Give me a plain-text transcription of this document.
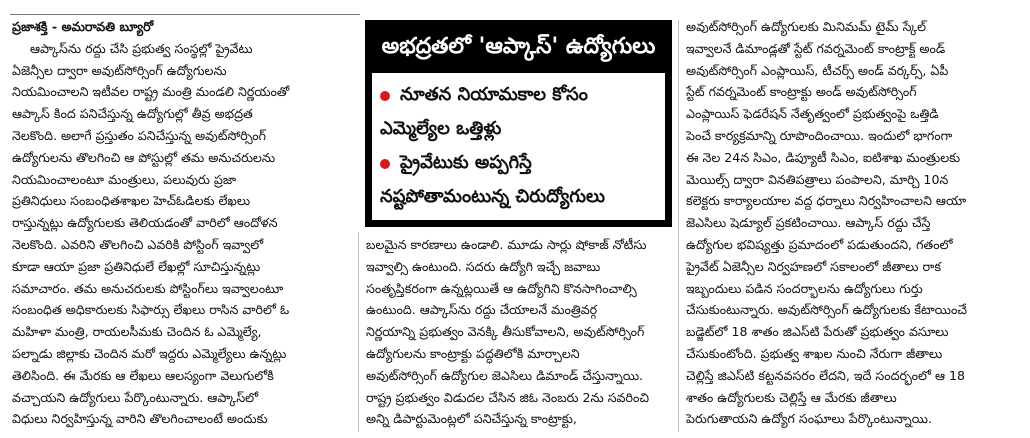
ప్రజాశక్తి - అమరావతి బ్యూరో
ఆప్కాస్‌ను రద్దు చేసి ప్రభుత్వ సంస్థల్లో ప్రైవేటు
ఏజెన్సీల ద్వారా అవుట్‌సోర్సింగ్‌ ఉద్యోగులను
నియమించాలని ఇటీవల రాష్ట్ర మంత్రి మండలి నిర్ణయంతో
ఆప్కాస్‌ కింద పనిచేస్తున్న ఉద్యోగుల్లో తీవ్ర అభద్రత
నెలకొంది. అలాగే ప్రస్తుతం పనిచేస్తున్న అవుట్‌సోర్సింగ్‌
ఉద్యోగులను తొలగించి ఆ పోస్టుల్లో తమ అనుచరులను
నియమించాలంటూ మంత్రులు, పలువురు ప్రజా
ప్రతినిధులు సంబంధితశాఖల హెచ్‌ఓడిలకు లేఖలు
రాస్తున్నట్లు ఉద్యోగులకు తెలియడంతో వారిలో ఆందోళన
నెలకొంది. ఎవరిని తొలగించి ఎవరికి పోస్టింగ్‌ ఇవ్వాలో
కూడా ఆయా ప్రజా ప్రతినిధులే లేఖల్లో సూచిస్తున్నట్లు
సమాచారం. తమ అనుచరులకు పోస్టింగ్‌లు ఇవ్వాలంటూ
సంబంధిత అధికారులకు సిఫార్సు లేఖలు రాసిన వారిలో ఓ
మహిళా మంత్రి, రాయలసీమకు చెందిన ఓ ఎమ్మెల్యే,
పల్నాడు జిల్లాకు చెందిన మరో ఇద్దరు ఎమ్మెల్యేలు ఉన్నట్లు
తెలిసింది. ఈ మేరకు ఆ లేఖలు ఆలస్యంగా వెలుగులోకి
వచ్చాయని ఉద్యోగులు పేర్కొంటున్నారు. ఆప్కాస్‌లో
విధులు నిర్వహిస్తున్న వారిని తొలగించాలంటే అందుకు
అభద్రతలో 'ఆప్కాస్‌' ఉద్యోగులు
నూతన నియామకాల కోసం
ఎమ్మెల్యేల ఒత్తిళ్లు
ప్రైవేటుకు అప్పగిస్తే
నష్టపోతామంటున్న చిరుద్యోగులు
బలమైన కారణాలు ఉండాలి. మూడు సార్లు షోకాజ్‌ నోటీసు
ఇవ్వాల్సి ఉంటుంది. సదరు ఉద్యోగి ఇచ్చే జవాబు
సంతృప్తికరంగా ఉన్నట్లయితే ఆ ఉద్యోగిని కొనసాగించాల్సి
ఉంటుంది. ఆప్కాస్‌ను రద్దు చేయాలనే మంత్రివర్గ
నిర్ణయాన్ని ప్రభుత్వం వెనక్కి తీసుకోవాలని, అవుట్‌సోర్సింగ్‌
ఉద్యోగులను కాంట్రాక్టు పద్ధతిలోకి మార్చాలని
అవుట్‌సోర్సింగ్‌ ఉద్యోగుల జెఎసిలు డిమాండ్‌ చేస్తున్నాయి.
రాష్ట్ర ప్రభుత్వం విడుదల చేసిన జిఓ నెంబరు 2ను సవరించి
అన్ని డిపార్టుమెంట్లలో పనిచేస్తున్న కాంట్రాక్టు,
అవుట్‌సోర్సింగ్‌ ఉద్యోగులకు మినిమమ్‌ టైమ్‌ స్కేల్‌
ఇవ్వాలనే డిమాండ్లతో స్టేట్‌ గవర్నమెంట్‌ కాంట్రాక్ట్‌ అండ్‌
అవుట్‌సోర్సింగ్‌ ఎంప్లాయిస్‌, టీచర్స్‌ అండ్‌ వర్కర్స్‌, ఏపీ
స్టేట్‌ గవర్నమెంట్‌ కాంట్రాక్టు అండ్‌ అవుట్‌సోర్సింగ్‌
ఎంప్లాయిస్‌ ఫెడరేషన్‌ నేతృత్వంలో ప్రభుత్వంపై ఒత్తిడి
పెంచే కార్యక్రమాన్ని రూపొందించాయి. ఇందులో భాగంగా
ఈ నెల 24న సిఎం, డిప్యూటీ సిఎం, ఐటిశాఖ మంత్రులకు
మెయిల్స్‌ ద్వారా వినతిపత్రాలు పంపాలని, మార్చి 10న
కలెక్టరు కార్యాలయాల వద్ద ధర్నాలు నిర్వహించాలని ఆయా
జెఎసిలు షెడ్యూల్‌ ప్రకటించాయి. ఆప్కాస్‌ రద్దు చేస్తే
ఉద్యోగుల భవిష్యత్తు ప్రమాదంలో పడుతుందని, గతంలో
ప్రైవేట్‌ ఏజెన్సీల నిర్వహణలో సకాలంలో జీతాలు రాక
ఇబ్బందులు పడిన సందర్భాలను ఉద్యోగులు గుర్తు
చేసుకుంటున్నారు. అవుట్‌సోర్సింగ్‌ ఉద్యోగులకు కేటాయించే
బడ్జెట్‌లో 18 శాతం జిఎస్‌టి పేరుతో ప్రభుత్వం వసూలు
చేసుకుంటోంది. ప్రభుత్వ శాఖల నుంచి నేరుగా జీతాలు
చెల్లిస్తే జిఎస్‌టి కట్టనవసరం లేదని, ఇదే సందర్భంలో ఆ 18
శాతం ఉద్యోగులకు చెల్లిస్తే ఆ మేరకు జీతాలు
పెరుగుతాయని ఉద్యోగ సంఘాలు పేర్కొంటున్నాయి.
